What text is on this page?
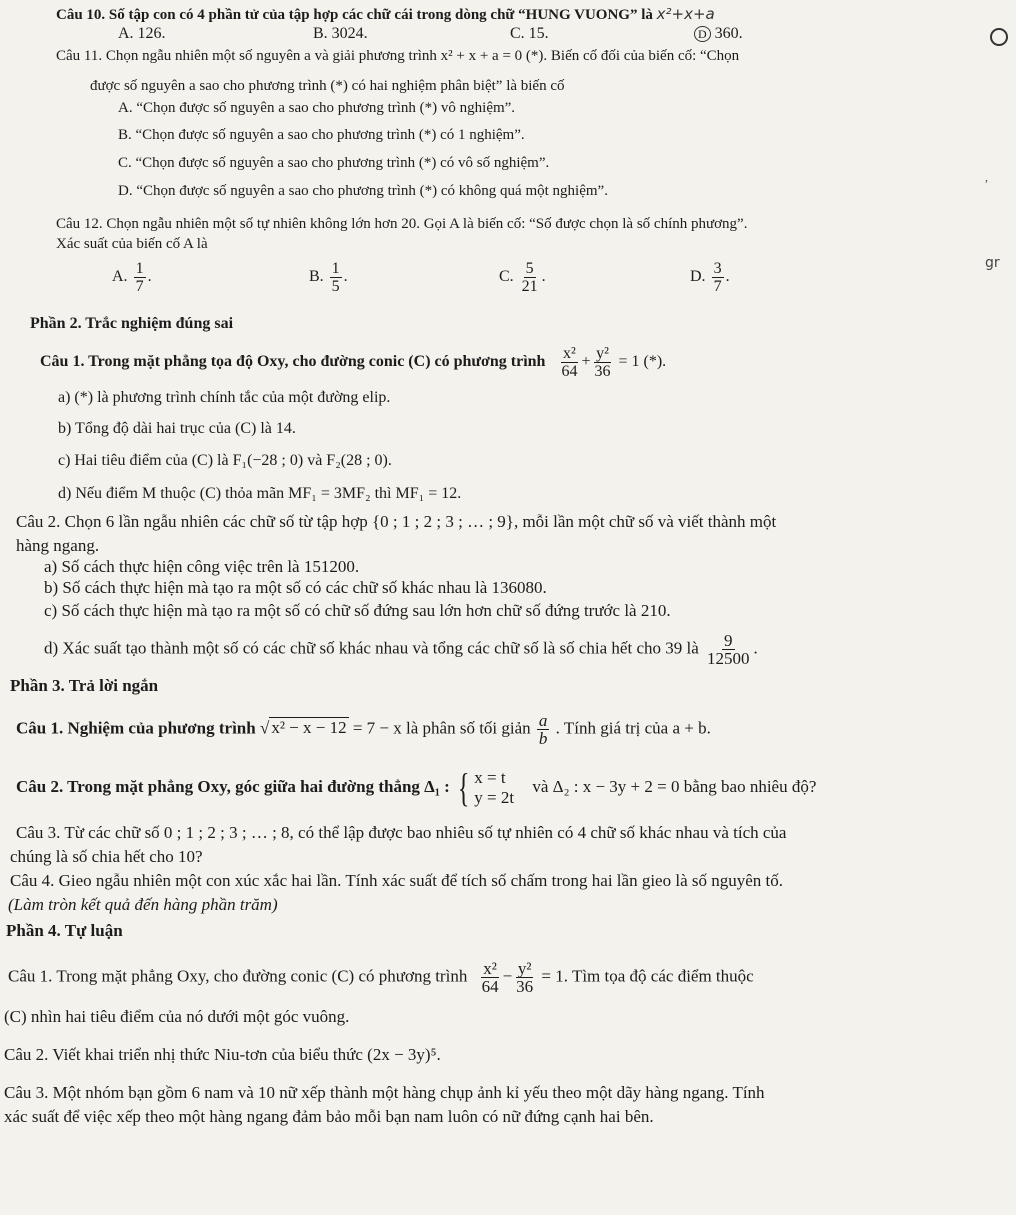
Câu 10. Số tập con có 4 phần tử của tập hợp các chữ cái trong dòng chữ “HUNG VUONG” là x²+x+a
A. 126.	B. 3024.	C. 15.	D 360.
Câu 11. Chọn ngẫu nhiên một số nguyên a và giải phương trình x² + x + a = 0 (*). Biến cố đối của biến cố: “Chọn
được số nguyên a sao cho phương trình (*) có hai nghiệm phân biệt” là biến cố
A. “Chọn được số nguyên a sao cho phương trình (*) vô nghiệm”.
B. “Chọn được số nguyên a sao cho phương trình (*) có 1 nghiệm”.
C. “Chọn được số nguyên a sao cho phương trình (*) có vô số nghiệm”.
D. “Chọn được số nguyên a sao cho phương trình (*) có không quá một nghiệm”.
,
Câu 12. Chọn ngẫu nhiên một số tự nhiên không lớn hơn 20. Gọi A là biến cố: “Số được chọn là số chính phương”.
Xác suất của biến cố A là
A. $\frac{1}{7}$ .	B. $\frac{1}{5}$ .	C. $\frac{5}{21}$ .	D. $\frac{3}{7}$ .
gr
Phần 2. Trắc nghiệm đúng sai
Câu 1. Trong mặt phẳng tọa độ Oxy, cho đường conic (C) có phương trình $\frac{\text{x²}}{64} + \frac{\text{y²}}{36} = 1$ (*).
a) (*) là phương trình chính tắc của một đường elip.
b) Tổng độ dài hai trục của (C) là 14.
c) Hai tiêu điểm của (C) là F₁(−28 ; 0) và F₂(28 ; 0).
d) Nếu điểm M thuộc (C) thỏa mãn MF₁ = 3MF₂ thì MF₁ = 12.
Câu 2. Chọn 6 lần ngẫu nhiên các chữ số từ tập hợp {0 ; 1 ; 2 ; 3 ; … ; 9}, mỗi lần một chữ số và viết thành một
hàng ngang.
a) Số cách thực hiện công việc trên là 151200.
b) Số cách thực hiện mà tạo ra một số có các chữ số khác nhau là 136080.
c) Số cách thực hiện mà tạo ra một số có chữ số đứng sau lớn hơn chữ số đứng trước là 210.
d) Xác suất tạo thành một số có các chữ số khác nhau và tổng các chữ số là số chia hết cho 39 là $\frac{9}{12500}$ .
Phần 3. Trả lời ngắn
Câu 1. Nghiệm của phương trình √ x² − x − 12 = 7 − x là phân số tối giản $\frac{a}{b}$ . Tính giá trị của a + b.
Câu 2. Trong mặt phẳng Oxy, góc giữa hai đường thẳng Δ₁ : { x = t
y = 2t
và Δ₂ : x − 3y + 2 = 0 bằng bao nhiêu độ?
Câu 3. Từ các chữ số 0 ; 1 ; 2 ; 3 ; … ; 8, có thể lập được bao nhiêu số tự nhiên có 4 chữ số khác nhau và tích của
chúng là số chia hết cho 10?
Câu 4. Gieo ngẫu nhiên một con xúc xắc hai lần. Tính xác suất để tích số chấm trong hai lần gieo là số nguyên tố.
(Làm tròn kết quả đến hàng phần trăm)
Phần 4. Tự luận
Câu 1. Trong mặt phẳng Oxy, cho đường conic (C) có phương trình $\frac{\text{x²}}{64} - \frac{\text{y²}}{36} = 1$. Tìm tọa độ các điểm thuộc
(C) nhìn hai tiêu điểm của nó dưới một góc vuông.
Câu 2. Viết khai triển nhị thức Niu-tơn của biểu thức (2x − 3y)⁵.
Câu 3. Một nhóm bạn gồm 6 nam và 10 nữ xếp thành một hàng chụp ảnh kỉ yếu theo một dãy hàng ngang. Tính
xác suất để việc xếp theo một hàng ngang đảm bảo mỗi bạn nam luôn có nữ đứng cạnh hai bên.
